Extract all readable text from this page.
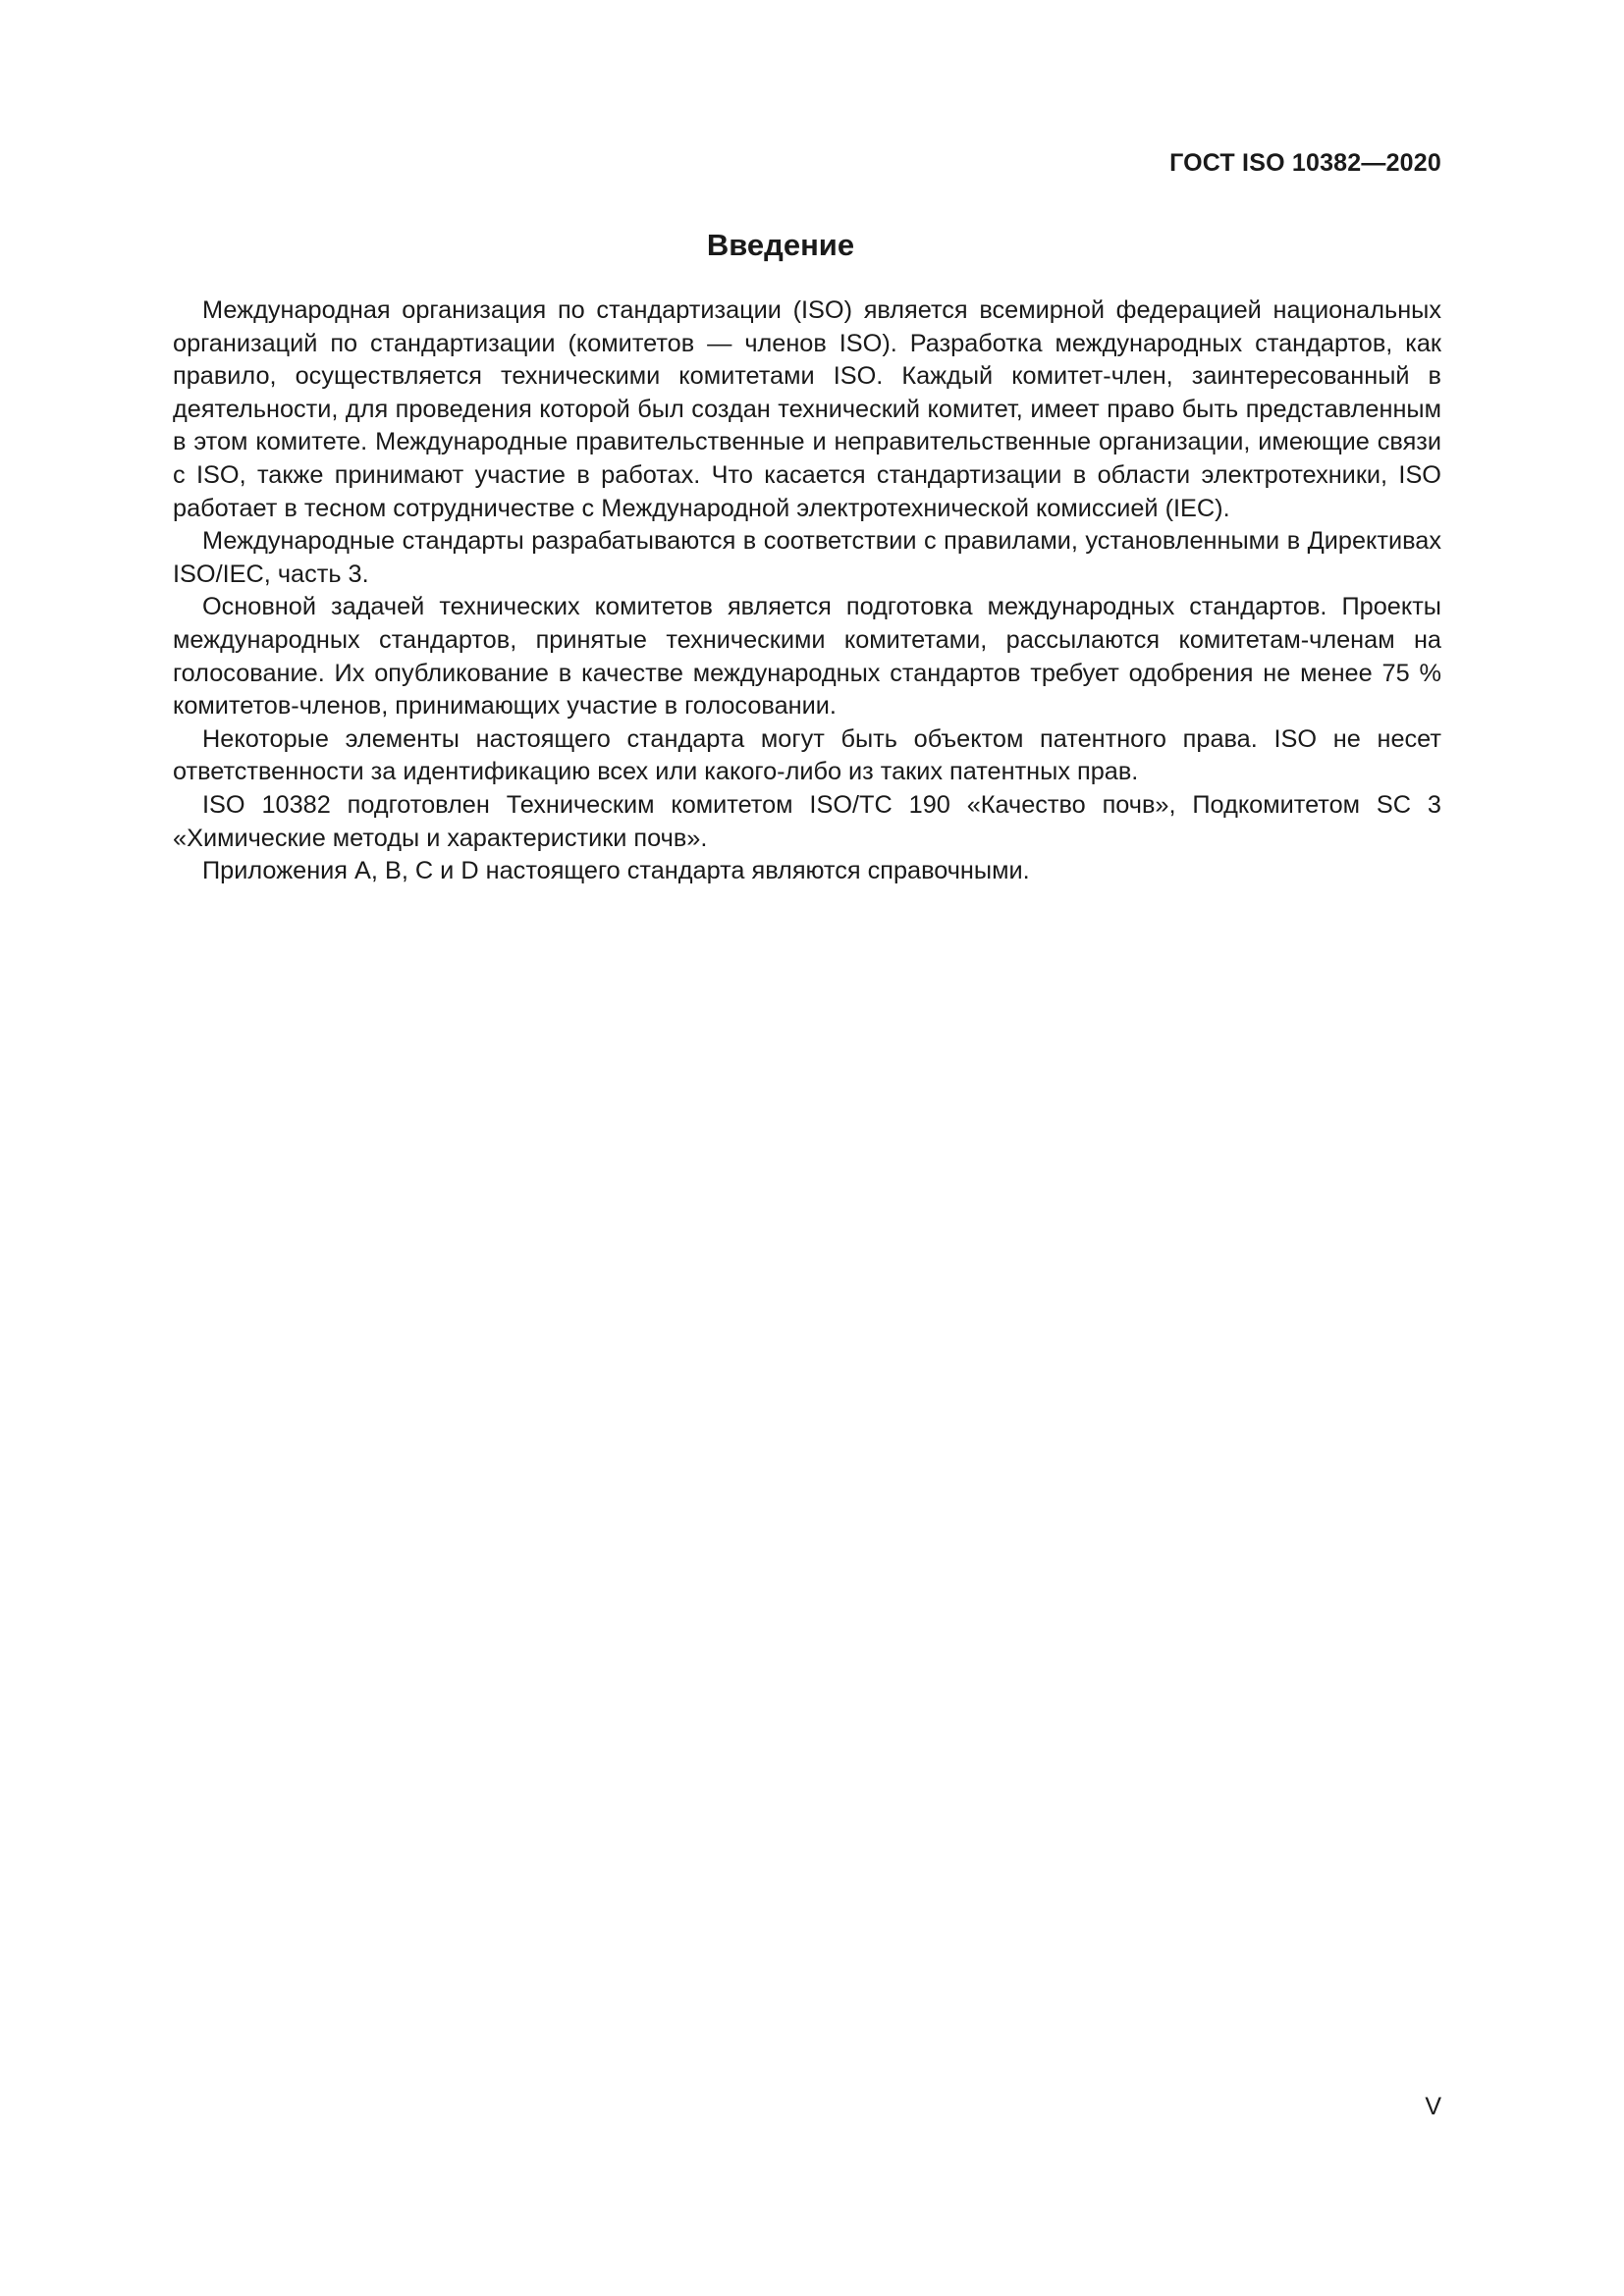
ГОСТ ISO 10382—2020
Введение

Международная организация по стандартизации (ISO) является всемирной федерацией национальных организаций по стандартизации (комитетов — членов ISO). Разработка международных стандартов, как правило, осуществляется техническими комитетами ISO. Каждый комитет-член, заинтересованный в деятельности, для проведения которой был создан технический комитет, имеет право быть представленным в этом комитете. Международные правительственные и неправительственные организации, имеющие связи с ISO, также принимают участие в работах. Что касается стандартизации в области электротехники, ISO работает в тесном сотрудничестве с Международной электротехнической комиссией (IEC).

Международные стандарты разрабатываются в соответствии с правилами, установленными в Директивах ISO/IEC, часть 3.

Основной задачей технических комитетов является подготовка международных стандартов. Проекты международных стандартов, принятые техническими комитетами, рассылаются комитетам-членам на голосование. Их опубликование в качестве международных стандартов требует одобрения не менее 75 % комитетов-членов, принимающих участие в голосовании.

Некоторые элементы настоящего стандарта могут быть объектом патентного права. ISO не несет ответственности за идентификацию всех или какого-либо из таких патентных прав.

ISO 10382 подготовлен Техническим комитетом ISO/TC 190 «Качество почв», Подкомитетом SC 3 «Химические методы и характеристики почв».

Приложения А, В, С и D настоящего стандарта являются справочными.

V
